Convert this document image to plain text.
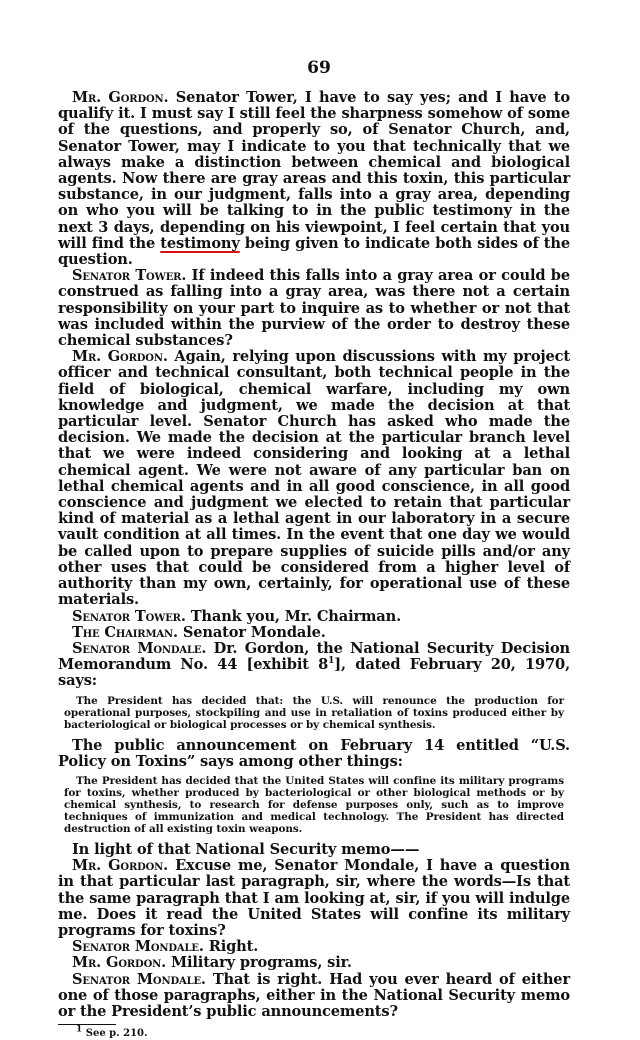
69

Mr. Gordon. Senator Tower, I have to say yes; and I have to qualify it. I must say I still feel the sharpness somehow of some of the questions, and properly so, of Senator Church, and, Senator Tower, may I indicate to you that technically that we always make a distinction between chemical and biological agents. Now there are gray areas and this toxin, this particular substance, in our judgment, falls into a gray area, depending on who you will be talking to in the public testimony in the next 3 days, depending on his viewpoint, I feel certain that you will find the testimony being given to indicate both sides of the question.

Senator Tower. If indeed this falls into a gray area or could be construed as falling into a gray area, was there not a certain responsibility on your part to inquire as to whether or not that was included within the purview of the order to destroy these chemical substances?

Mr. Gordon. Again, relying upon discussions with my project officer and technical consultant, both technical people in the field of biological, chemical warfare, including my own knowledge and judgment, we made the decision at that particular level. Senator Church has asked who made the decision. We made the decision at the particular branch level that we were indeed considering and looking at a lethal chemical agent. We were not aware of any particular ban on lethal chemical agents and in all good conscience, in all good conscience and judgment we elected to retain that particular kind of material as a lethal agent in our laboratory in a secure vault condition at all times. In the event that one day we would be called upon to prepare supplies of suicide pills and/or any other uses that could be considered from a higher level of authority than my own, certainly, for operational use of these materials.

Senator Tower. Thank you, Mr. Chairman.

The Chairman. Senator Mondale.

Senator Mondale. Dr. Gordon, the National Security Decision Memorandum No. 44 [exhibit $8^1$], dated February 20, 1970, says:

The President has decided that: the U.S. will renounce the production for operational purposes, stockpiling and use in retaliation of toxins produced either by bacteriological or biological processes or by chemical synthesis.

The public announcement on February 14 entitled “U.S. Policy on Toxins” says among other things:

The President has decided that the United States will confine its military programs for toxins, whether produced by bacteriological or other biological methods or by chemical synthesis, to research for defense purposes only, such as to improve techniques of immunization and medical technology. The President has directed destruction of all existing toxin weapons.

In light of that National Security memo——

Mr. Gordon. Excuse me, Senator Mondale, I have a question in that particular last paragraph, sir, where the words—Is that the same paragraph that I am looking at, sir, if you will indulge me. Does it read the United States will confine its military programs for toxins?

Senator Mondale. Right.

Mr. Gordon. Military programs, sir.

Senator Mondale. That is right. Had you ever heard of either one of those paragraphs, either in the National Security memo or the President’s public announcements?

$^1$ See p. 210.
